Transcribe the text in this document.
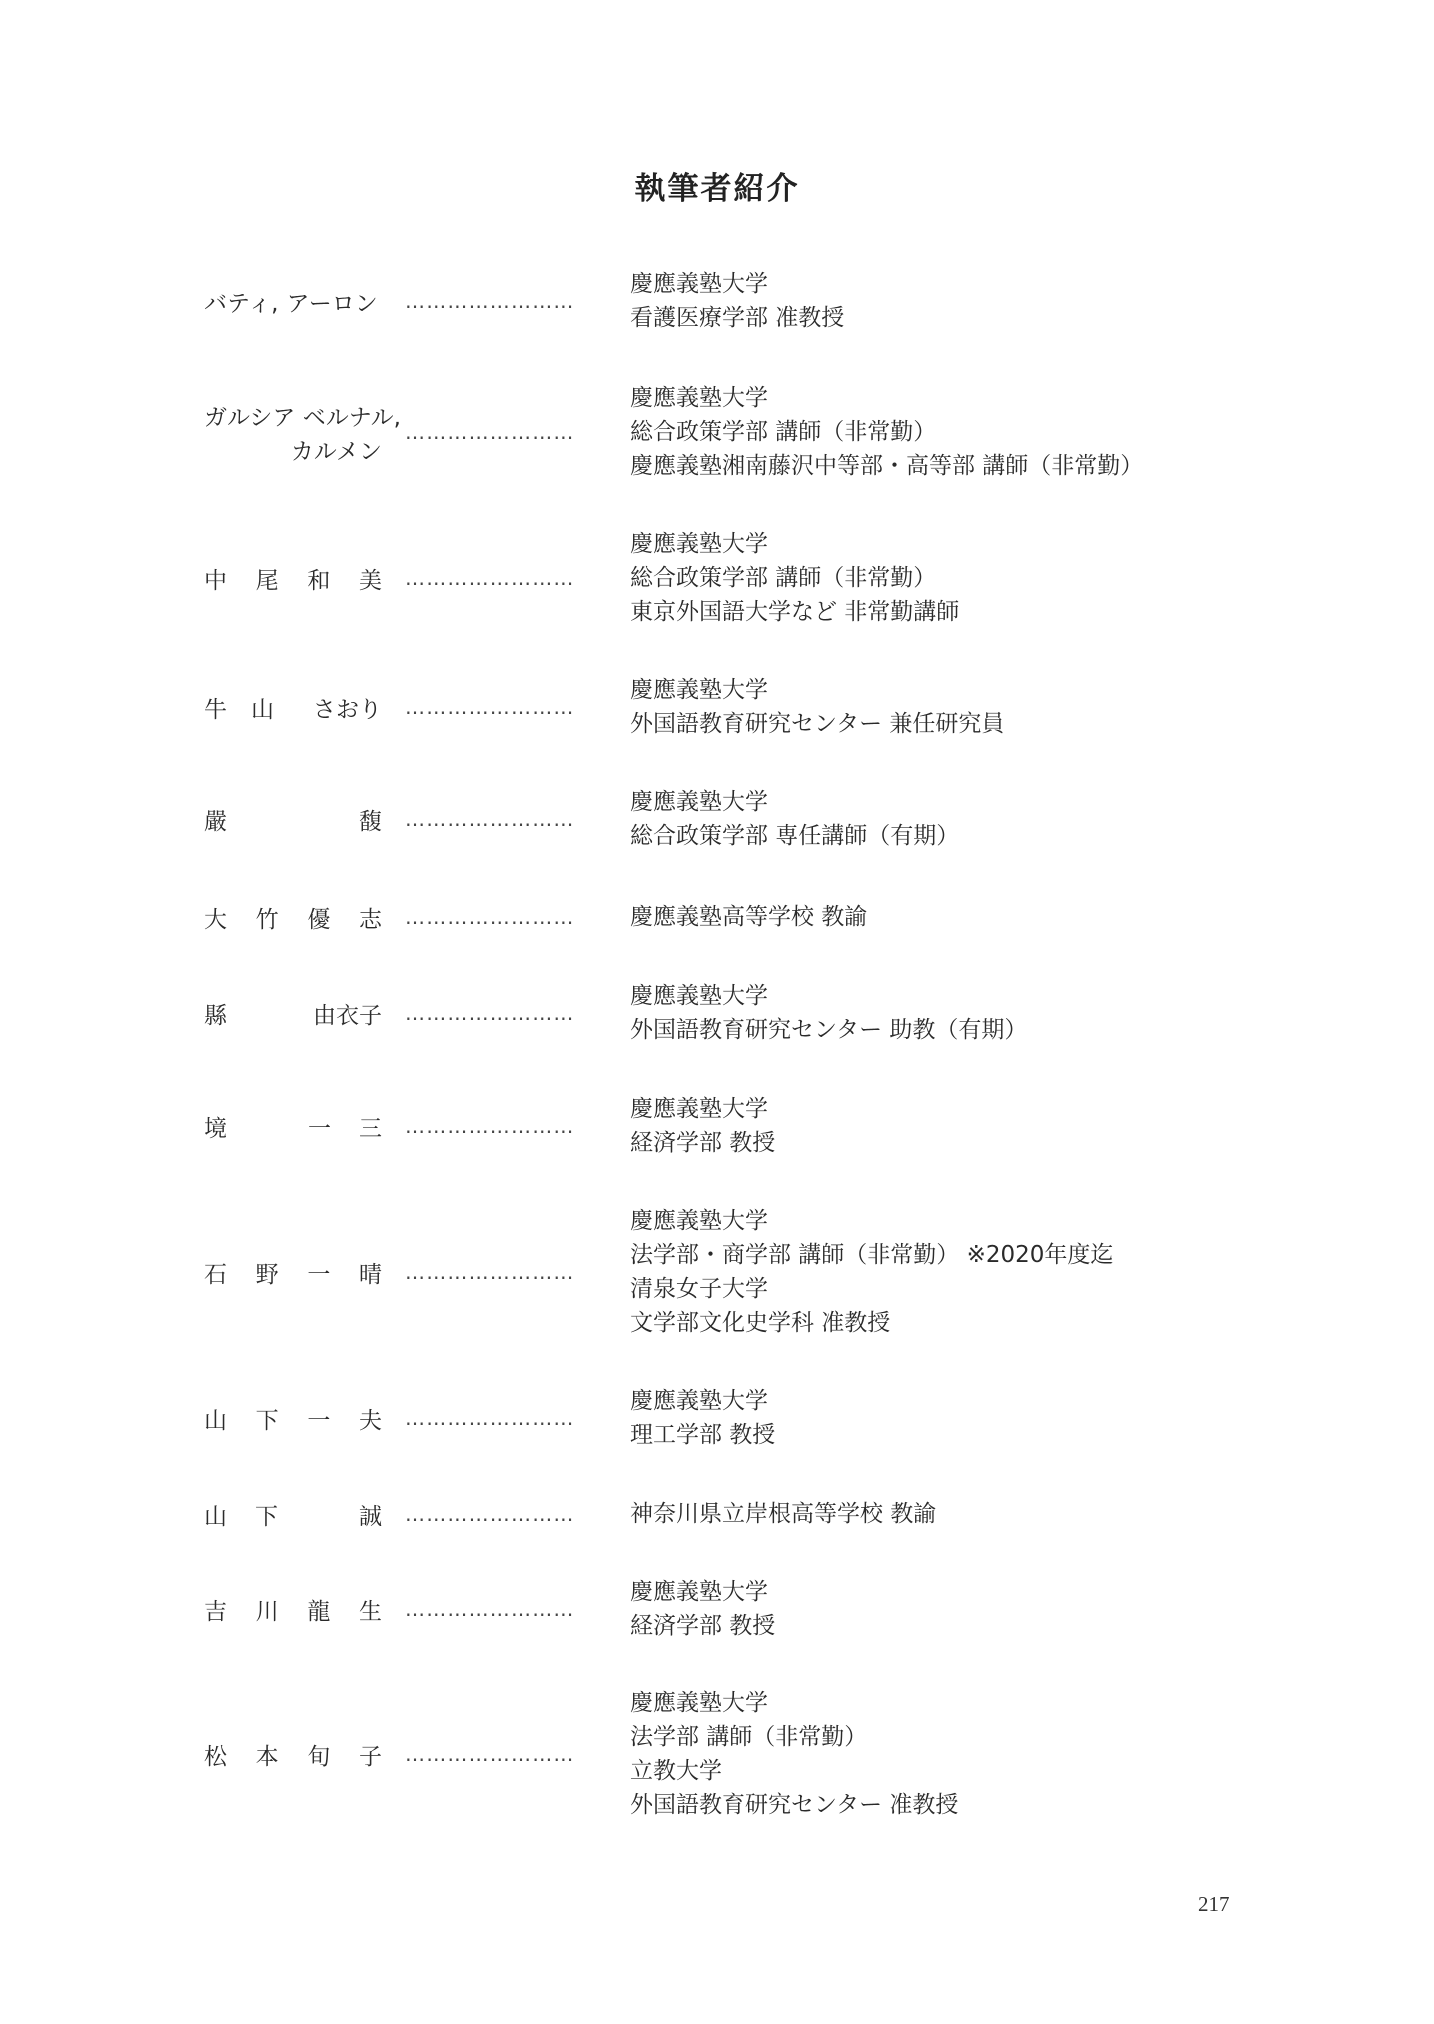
執筆者紹介
バティ, アーロン ……………………
慶應義塾大学
看護医療学部 准教授
ガルシア ベルナル,
カルメン
……………………
慶應義塾大学
総合政策学部 講師（非常勤）
慶應義塾湘南藤沢中等部・高等部 講師（非常勤）
中 尾 和 美 ……………………
慶應義塾大学
総合政策学部 講師（非常勤）
東京外国語大学など 非常勤講師
牛 山 さおり ……………………
慶應義塾大学
外国語教育研究センター 兼任研究員
嚴	馥 ……………………
慶應義塾大学
総合政策学部 専任講師（有期）
大 竹 優 志 ……………………	慶應義塾高等学校 教諭
縣	由衣子 ……………………
慶應義塾大学
外国語教育研究センター 助教（有期）
境	一 三 ……………………
慶應義塾大学
経済学部 教授
石 野 一 晴 ……………………
慶應義塾大学
法学部・商学部 講師（非常勤） ※2020年度迄
清泉女子大学
文学部文化史学科 准教授
山 下 一 夫 ……………………
慶應義塾大学
理工学部 教授
山 下	誠 ……………………	神奈川県立岸根高等学校 教諭
吉 川 龍 生 ……………………
慶應義塾大学
経済学部 教授
松 本 旬 子 ……………………
慶應義塾大学
法学部 講師（非常勤）
立教大学
外国語教育研究センター 准教授

217
